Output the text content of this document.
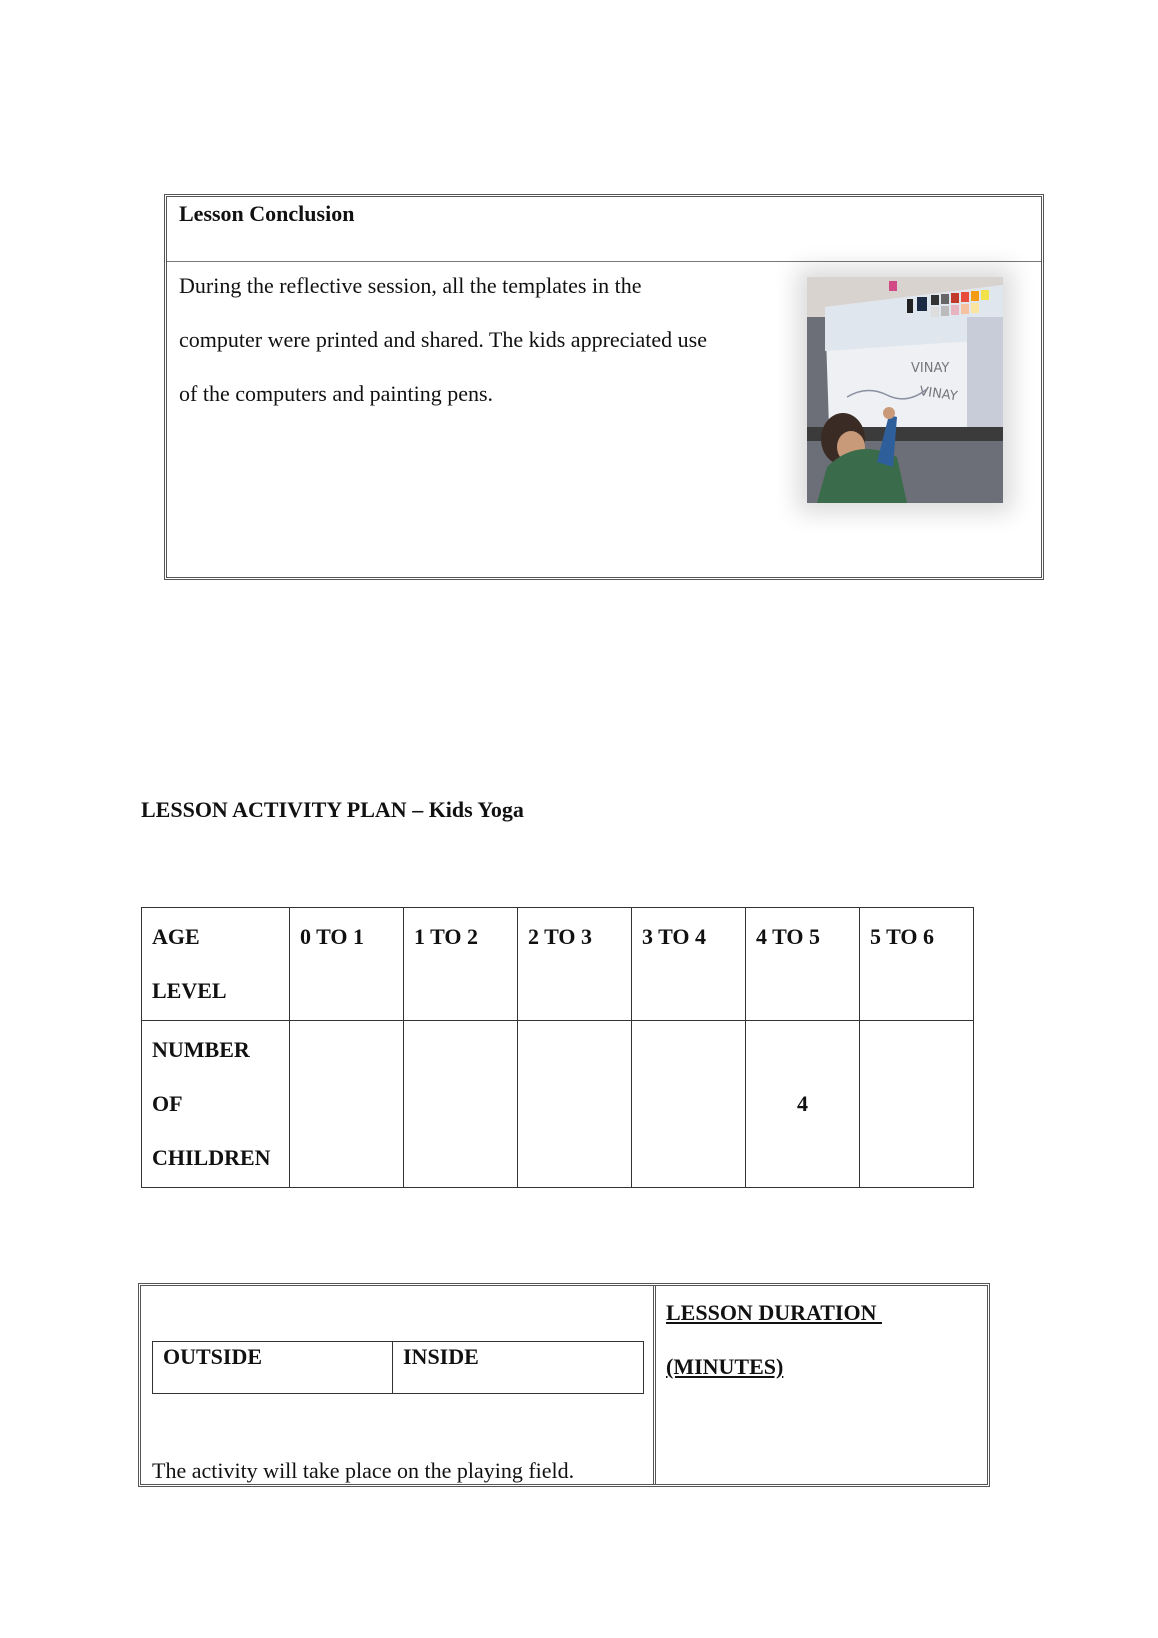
Lesson Conclusion
During the reflective session, all the templates in the
computer were printed and shared. The kids appreciated use
of the computers and painting pens.
VINAY
VINAY
LESSON ACTIVITY PLAN – Kids Yoga
AGE
LEVEL	0 TO 1	1 TO 2	2 TO 3	3 TO 4	4 TO 5	5 TO 6

NUMBER
OF
CHILDREN					4	
OUTSIDE	INSIDE
The activity will take place on the playing field.
LESSON DURATION
(MINUTES)
